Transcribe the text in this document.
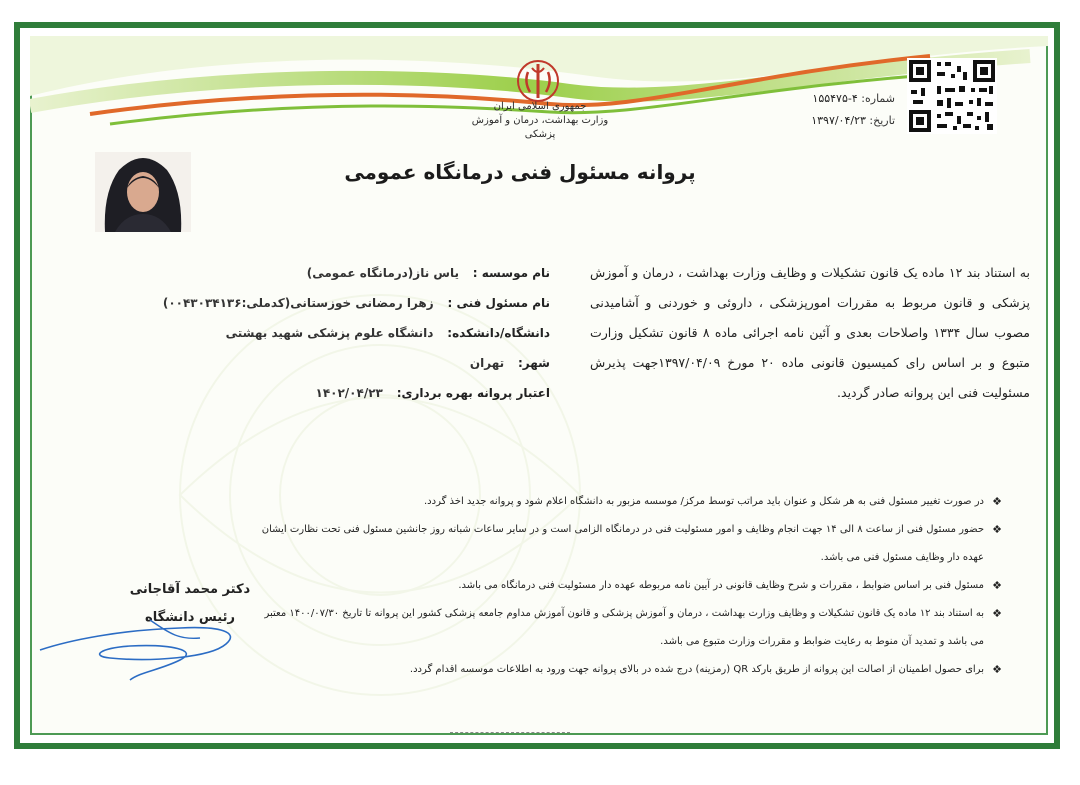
جمهوری اسلامی ایران
وزارت بهداشت، درمان و آموزش پزشکی
شماره: ۴-۱۵۵۴۷۵
تاریخ: ۱۳۹۷/۰۴/۲۳
پروانه مسئول فنی درمانگاه عمومی
نام موسسه : یاس ناز(درمانگاه عمومی)
نام مسئول فنی : زهرا رمضانی خوزستانی(کدملی:۰۰۴۳۰۳۴۱۳۶)
دانشگاه/دانشکده: دانشگاه علوم پزشکی شهید بهشتی
شهر: تهران
اعتبار پروانه بهره برداری: ۱۴۰۲/۰۴/۲۳
به استناد بند ۱۲ ماده یک قانون تشکیلات و وظایف وزارت بهداشت ، درمان و آموزش پزشکی و قانون مربوط به مقررات امورپزشکی ، داروئی و خوردنی و آشامیدنی مصوب سال ۱۳۳۴ واصلاحات بعدی و آئین نامه اجرائی ماده ۸ قانون تشکیل وزارت متبوع و بر اساس رای کمیسیون قانونی ماده ۲۰ مورخ ۱۳۹۷/۰۴/۰۹جهت پذیرش مسئولیت فنی این پروانه صادر گردید.
❖
در صورت تغییر مسئول فنی به هر شکل و عنوان باید مراتب توسط مرکز/ موسسه مزبور به دانشگاه اعلام شود و پروانه جدید اخذ گردد.
❖
حضور مسئول فنی از ساعت ۸ الی ۱۴ جهت انجام وظایف و امور مسئولیت فنی در درمانگاه الزامی است و در سایر ساعات شبانه روز جانشین مسئول فنی تحت نظارت ایشان عهده دار وظایف مسئول فنی می باشد.
❖
مسئول فنی بر اساس ضوابط ، مقررات و شرح وظایف قانونی در آیین نامه مربوطه عهده دار مسئولیت فنی درمانگاه می باشد.
❖
به استناد بند ۱۲ ماده یک قانون تشکیلات و وظایف وزارت بهداشت ، درمان و آموزش پزشکی و قانون آموزش مداوم جامعه پزشکی کشور این پروانه تا تاریخ ۱۴۰۰/۰۷/۳۰ معتبر می باشد و تمدید آن منوط به رعایت ضوابط و مقررات وزارت متبوع می باشد.
❖
برای حصول اطمینان از اصالت این پروانه از طریق بارکد QR (رمزینه) درج شده در بالای پروانه جهت ورود به اطلاعات موسسه اقدام گردد.
دکتر محمد آقاجانی
رئیس دانشگاه
